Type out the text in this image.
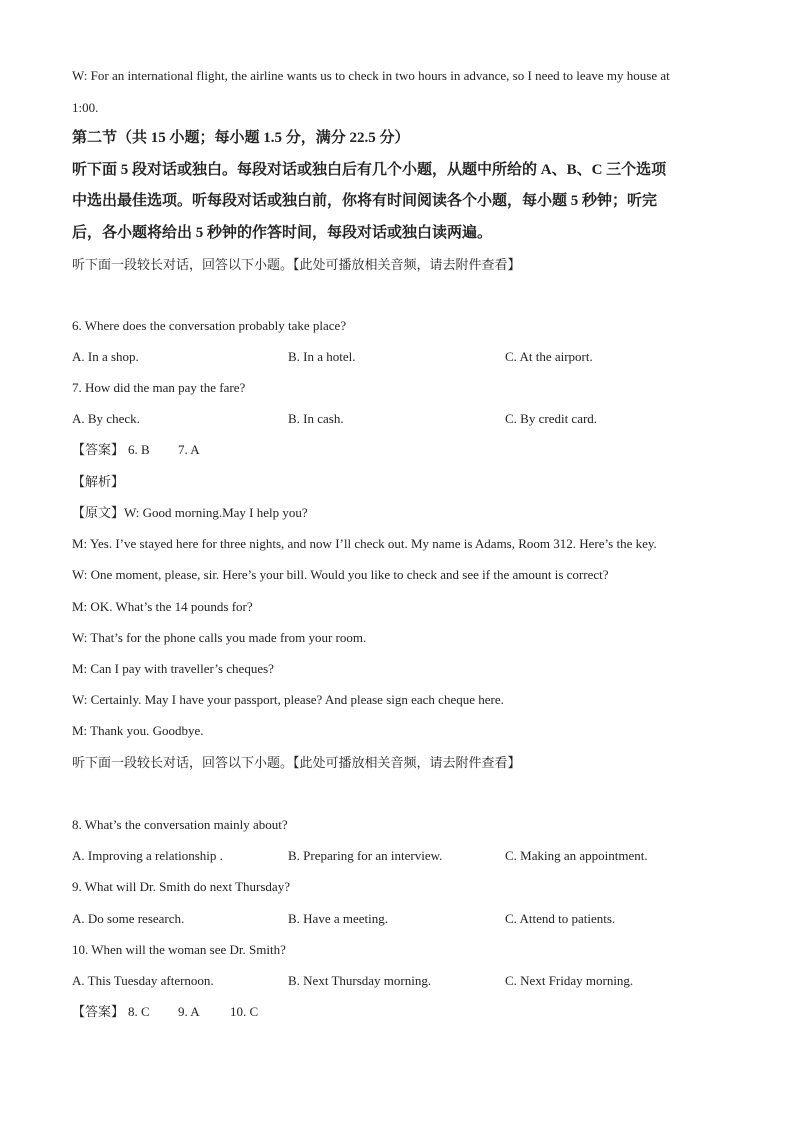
W: For an international flight, the airline wants us to check in two hours in advance, so I need to leave my house at
1:00.
第二节（共 15 小题；每小题 1.5 分，满分 22.5 分）
听下面 5 段对话或独白。每段对话或独白后有几个小题，从题中所给的 A、B、C 三个选项
中选出最佳选项。听每段对话或独白前，你将有时间阅读各个小题，每小题 5 秒钟；听完
后，各小题将给出 5 秒钟的作答时间，每段对话或独白读两遍。
听下面一段较长对话，回答以下小题。【此处可播放相关音频，请去附件查看】
6. Where does the conversation probably take place?
A. In a shop.	B. In a hotel.	C. At the airport.
7. How did the man pay the fare?
A. By check.	B. In cash.	C. By credit card.
【答案】 6. B 7. A
【解析】
【原文】 W: Good morning.May I help you?
M: Yes. I’ve stayed here for three nights, and now I’ll check out. My name is Adams, Room 312. Here’s the key.
W: One moment, please, sir. Here’s your bill. Would you like to check and see if the amount is correct?
M: OK. What’s the 14 pounds for?
W: That’s for the phone calls you made from your room.
M: Can I pay with traveller’s cheques?
W: Certainly. May I have your passport, please? And please sign each cheque here.
M: Thank you. Goodbye.
听下面一段较长对话，回答以下小题。【此处可播放相关音频，请去附件查看】
8. What’s the conversation mainly about?
A. Improving a relationship .	B. Preparing for an interview.	C. Making an appointment.
9. What will Dr. Smith do next Thursday?
A. Do some research.	B. Have a meeting.	C. Attend to patients.
10. When will the woman see Dr. Smith?
A. This Tuesday afternoon.	B. Next Thursday morning.	C. Next Friday morning.
【答案】 8. C 9. A 10. C
